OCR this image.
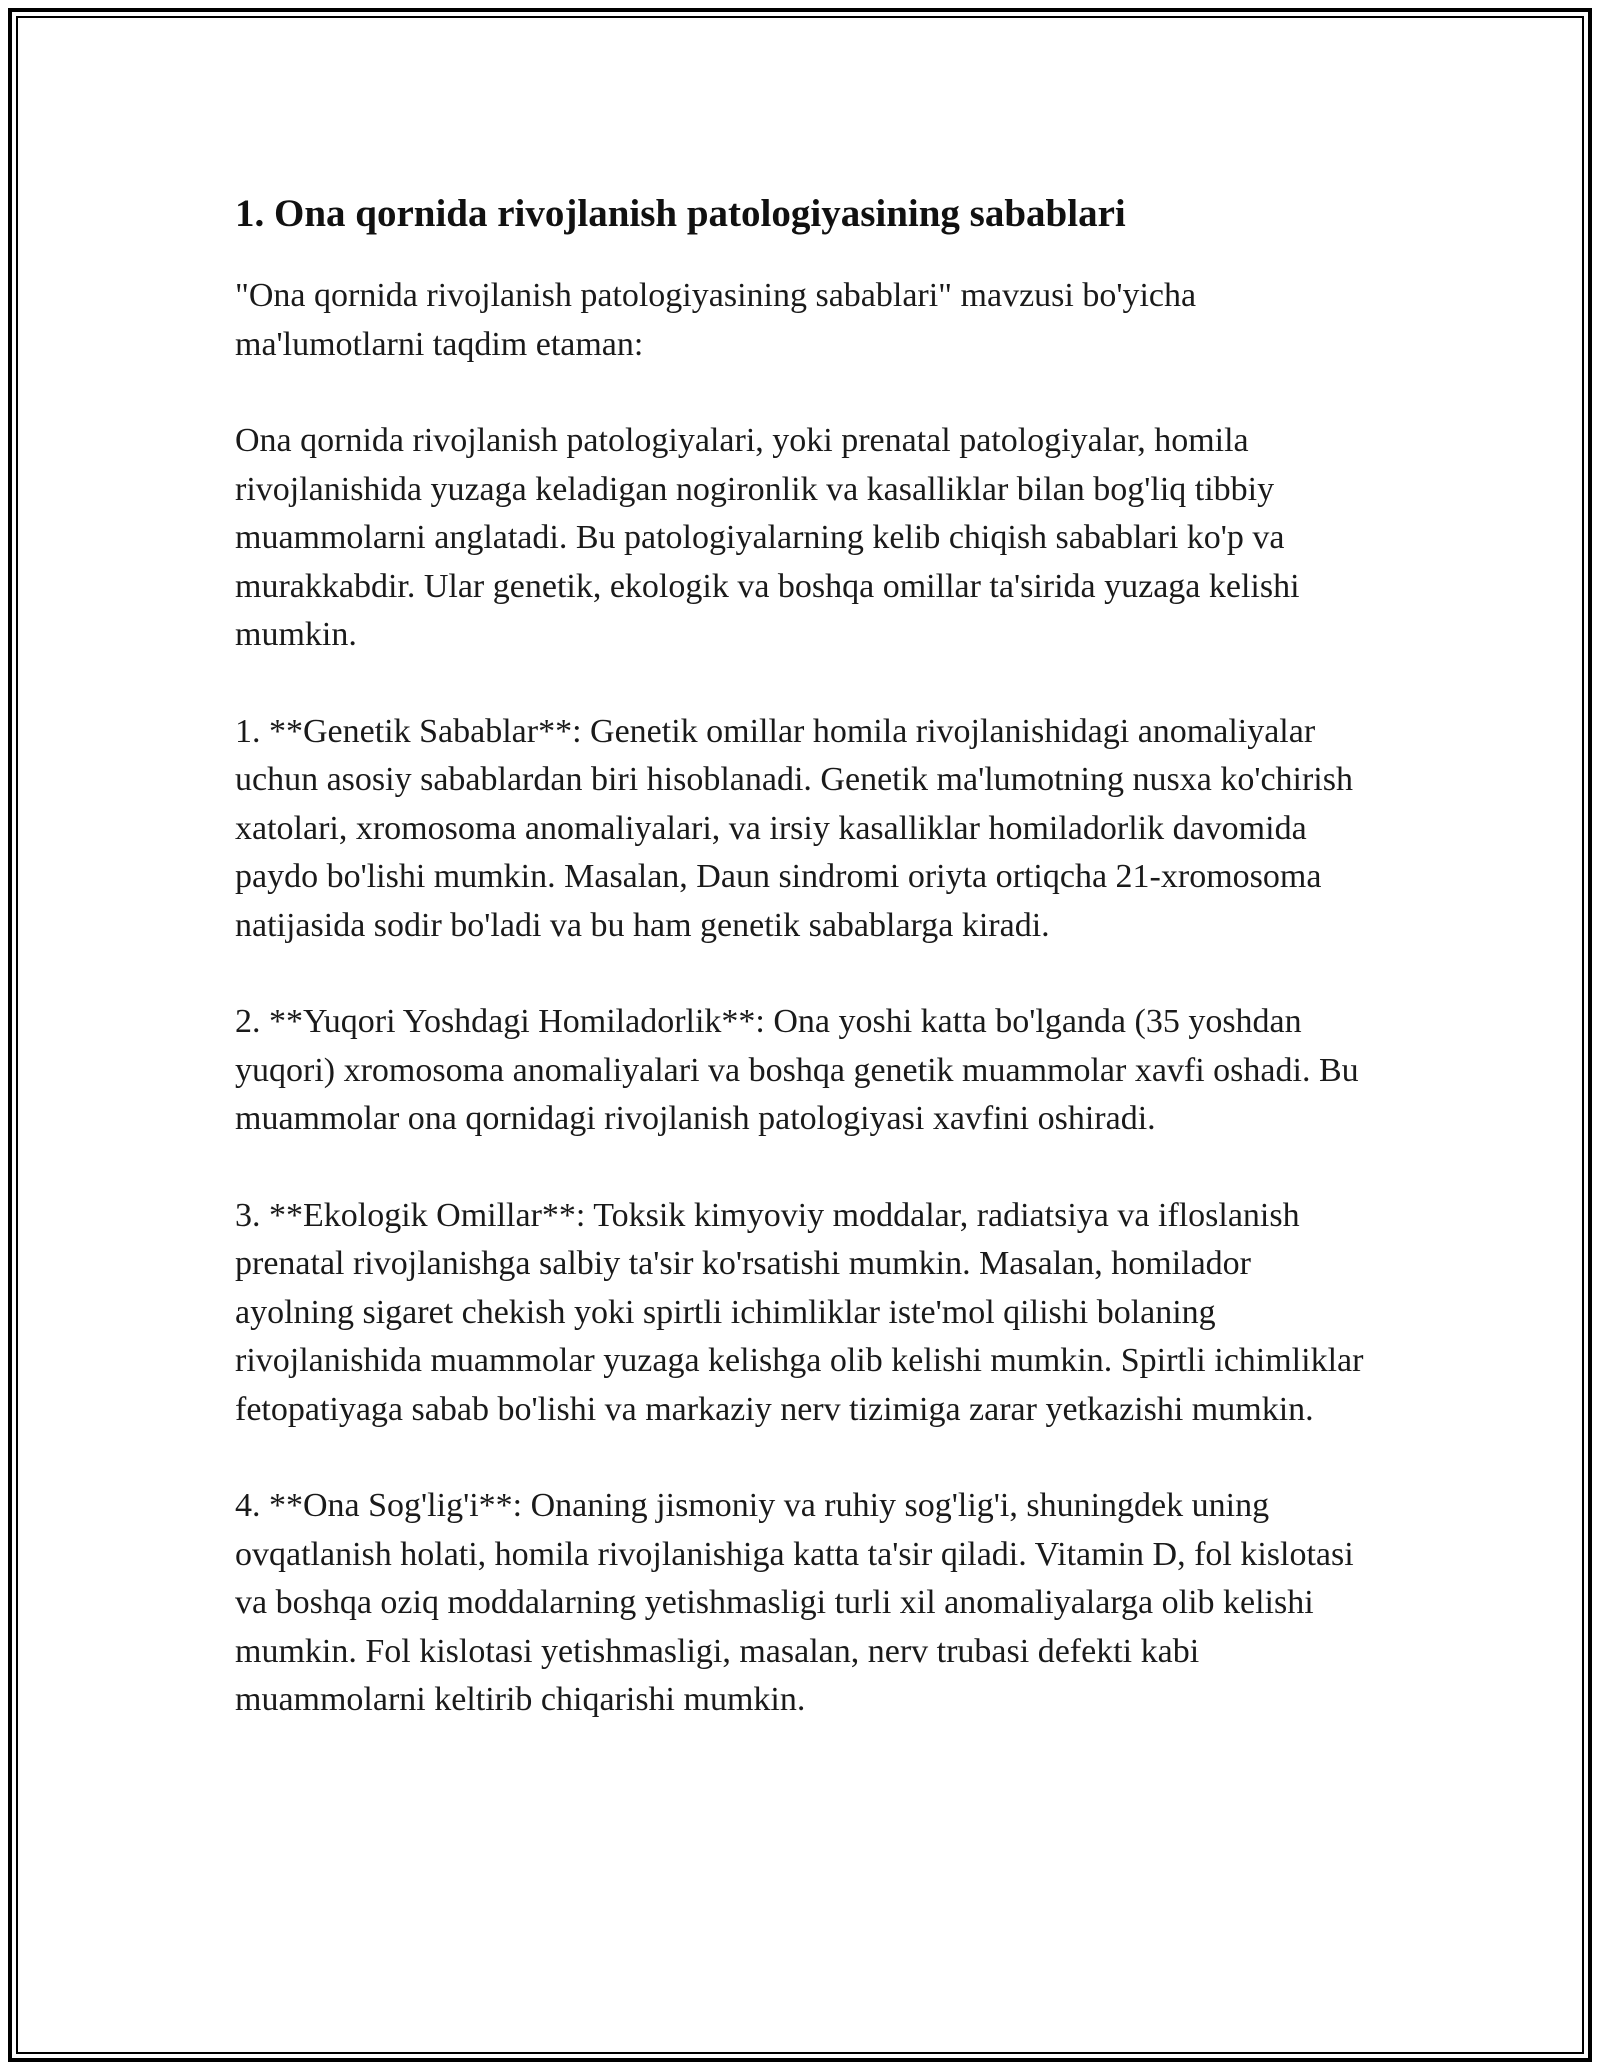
1. Ona qornida rivojlanish patologiyasining sabablari

"Ona qornida rivojlanish patologiyasining sabablari" mavzusi bo'yicha ma'lumotlarni taqdim etaman:

Ona qornida rivojlanish patologiyalari, yoki prenatal patologiyalar, homila rivojlanishida yuzaga keladigan nogironlik va kasalliklar bilan bog'liq tibbiy muammolarni anglatadi. Bu patologiyalarning kelib chiqish sabablari ko'p va murakkabdir. Ular genetik, ekologik va boshqa omillar ta'sirida yuzaga kelishi mumkin.

1. **Genetik Sabablar**: Genetik omillar homila rivojlanishidagi anomaliyalar uchun asosiy sabablardan biri hisoblanadi. Genetik ma'lumotning nusxa ko'chirish xatolari, xromosoma anomaliyalari, va irsiy kasalliklar homiladorlik davomida paydo bo'lishi mumkin. Masalan, Daun sindromi oriyta ortiqcha 21-xromosoma natijasida sodir bo'ladi va bu ham genetik sabablarga kiradi.

2. **Yuqori Yoshdagi Homiladorlik**: Ona yoshi katta bo'lganda (35 yoshdan yuqori) xromosoma anomaliyalari va boshqa genetik muammolar xavfi oshadi. Bu muammolar ona qornidagi rivojlanish patologiyasi xavfini oshiradi.

3. **Ekologik Omillar**: Toksik kimyoviy moddalar, radiatsiya va ifloslanish prenatal rivojlanishga salbiy ta'sir ko'rsatishi mumkin. Masalan, homilador ayolning sigaret chekish yoki spirtli ichimliklar iste'mol qilishi bolaning rivojlanishida muammolar yuzaga kelishga olib kelishi mumkin. Spirtli ichimliklar fetopatiyaga sabab bo'lishi va markaziy nerv tizimiga zarar yetkazishi mumkin.

4. **Ona Sog'lig'i**: Onaning jismoniy va ruhiy sog'lig'i, shuningdek uning ovqatlanish holati, homila rivojlanishiga katta ta'sir qiladi. Vitamin D, fol kislotasi va boshqa oziq moddalarning yetishmasligi turli xil anomaliyalarga olib kelishi mumkin. Fol kislotasi yetishmasligi, masalan, nerv trubasi defekti kabi muammolarni keltirib chiqarishi mumkin.
